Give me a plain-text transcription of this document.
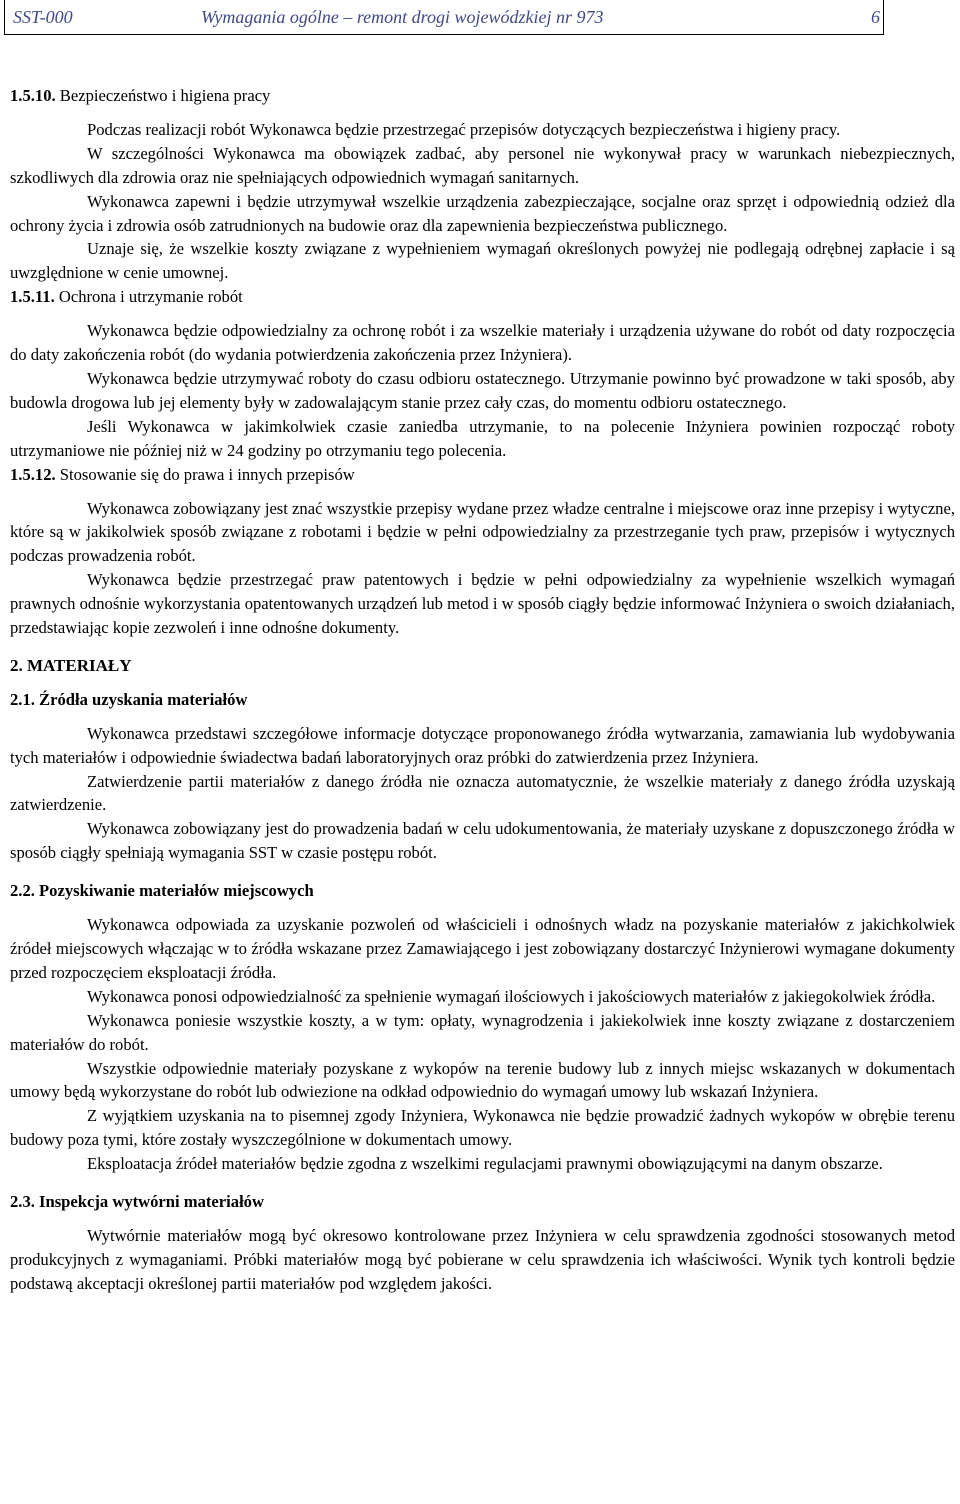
SST-000	Wymagania ogólne – remont drogi wojewódzkiej nr 973	6

1.5.10. Bezpieczeństwo i higiena pracy

Podczas realizacji robót Wykonawca będzie przestrzegać przepisów dotyczących bezpieczeństwa i higieny pracy.

W szczególności Wykonawca ma obowiązek zadbać, aby personel nie wykonywał pracy w warunkach niebezpiecznych, szkodliwych dla zdrowia oraz nie spełniających odpowiednich wymagań sanitarnych.

Wykonawca zapewni i będzie utrzymywał wszelkie urządzenia zabezpieczające, socjalne oraz sprzęt i odpowiednią odzież dla ochrony życia i zdrowia osób zatrudnionych na budowie oraz dla zapewnienia bezpieczeństwa publicznego.

Uznaje się, że wszelkie koszty związane z wypełnieniem wymagań określonych powyżej nie podlegają odrębnej zapłacie i są uwzględnione w cenie umownej.

1.5.11. Ochrona i utrzymanie robót

Wykonawca będzie odpowiedzialny za ochronę robót i za wszelkie materiały i urządzenia używane do robót od daty rozpoczęcia do daty zakończenia robót (do wydania potwierdzenia zakończenia przez Inżyniera).

Wykonawca będzie utrzymywać roboty do czasu odbioru ostatecznego. Utrzymanie powinno być prowadzone w taki sposób, aby budowla drogowa lub jej elementy były w zadowalającym stanie przez cały czas, do momentu odbioru ostatecznego.

Jeśli Wykonawca w jakimkolwiek czasie zaniedba utrzymanie, to na polecenie Inżyniera powinien rozpocząć roboty utrzymaniowe nie później niż w 24 godziny po otrzymaniu tego polecenia.

1.5.12. Stosowanie się do prawa i innych przepisów

Wykonawca zobowiązany jest znać wszystkie przepisy wydane przez władze centralne i miejscowe oraz inne przepisy i wytyczne, które są w jakikolwiek sposób związane z robotami i będzie w pełni odpowiedzialny za przestrzeganie tych praw, przepisów i wytycznych podczas prowadzenia robót.

Wykonawca będzie przestrzegać praw patentowych i będzie w pełni odpowiedzialny za wypełnienie wszelkich wymagań prawnych odnośnie wykorzystania opatentowanych urządzeń lub metod i w sposób ciągły będzie informować Inżyniera o swoich działaniach, przedstawiając kopie zezwoleń i inne odnośne dokumenty.

2. MATERIAŁY

2.1. Źródła uzyskania materiałów

Wykonawca przedstawi szczegółowe informacje dotyczące proponowanego źródła wytwarzania, zamawiania lub wydobywania tych materiałów i odpowiednie świadectwa badań laboratoryjnych oraz próbki do zatwierdzenia przez Inżyniera.

Zatwierdzenie partii materiałów z danego źródła nie oznacza automatycznie, że wszelkie materiały z danego źródła uzyskają zatwierdzenie.

Wykonawca zobowiązany jest do prowadzenia badań w celu udokumentowania, że materiały uzyskane z dopuszczonego źródła w sposób ciągły spełniają wymagania SST w czasie postępu robót.

2.2. Pozyskiwanie materiałów miejscowych

Wykonawca odpowiada za uzyskanie pozwoleń od właścicieli i odnośnych władz na pozyskanie materiałów z jakichkolwiek źródeł miejscowych włączając w to źródła wskazane przez Zamawiającego i jest zobowiązany dostarczyć Inżynierowi wymagane dokumenty przed rozpoczęciem eksploatacji źródła.

Wykonawca ponosi odpowiedzialność za spełnienie wymagań ilościowych i jakościowych materiałów z jakiegokolwiek źródła.

Wykonawca poniesie wszystkie koszty, a w tym: opłaty, wynagrodzenia i jakiekolwiek inne koszty związane z dostarczeniem materiałów do robót.

Wszystkie odpowiednie materiały pozyskane z wykopów na terenie budowy lub z innych miejsc wskazanych w dokumentach umowy będą wykorzystane do robót lub odwiezione na odkład odpowiednio do wymagań umowy lub wskazań Inżyniera.

Z wyjątkiem uzyskania na to pisemnej zgody Inżyniera, Wykonawca nie będzie prowadzić żadnych wykopów w obrębie terenu budowy poza tymi, które zostały wyszczególnione w dokumentach umowy.

Eksploatacja źródeł materiałów będzie zgodna z wszelkimi regulacjami prawnymi obowiązującymi na danym obszarze.

2.3. Inspekcja wytwórni materiałów

Wytwórnie materiałów mogą być okresowo kontrolowane przez Inżyniera w celu sprawdzenia zgodności stosowanych metod produkcyjnych z wymaganiami. Próbki materiałów mogą być pobierane w celu sprawdzenia ich właściwości. Wynik tych kontroli będzie podstawą akceptacji określonej partii materiałów pod względem jakości.
